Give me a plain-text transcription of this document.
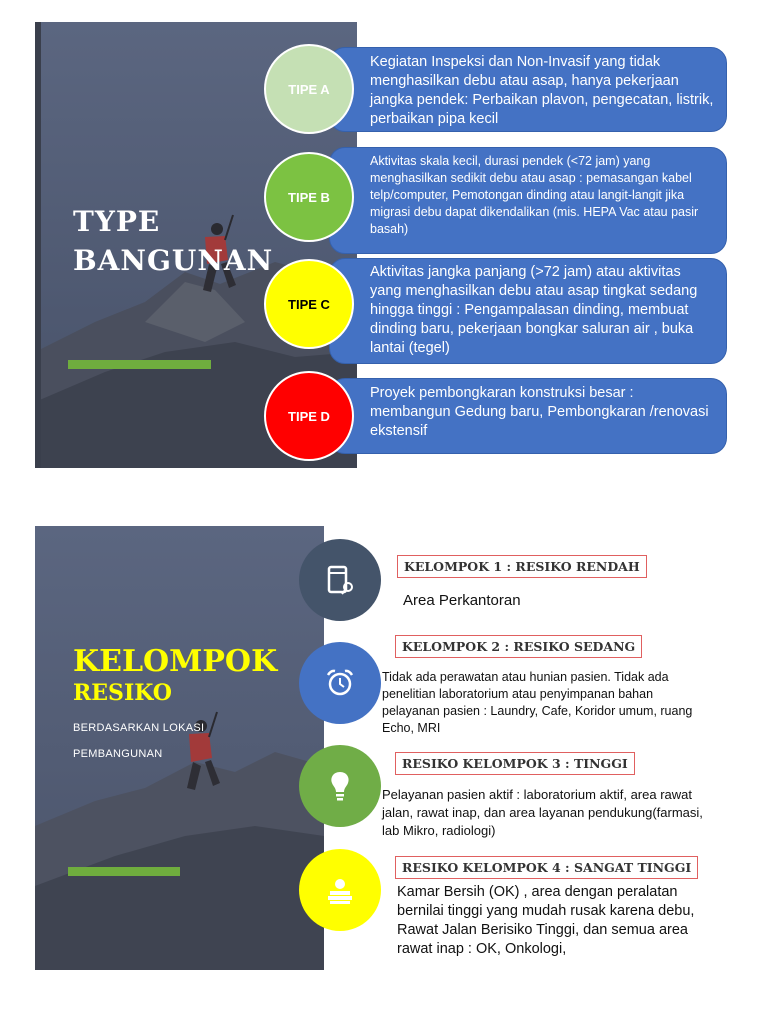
TYPE
BANGUNAN
Kegiatan Inspeksi dan Non-Invasif yang tidak menghasilkan debu atau asap, hanya pekerjaan jangka pendek: Perbaikan plavon, pengecatan, listrik, perbaikan pipa kecil
Aktivitas skala kecil, durasi pendek (<72 jam) yang menghasilkan sedikit debu atau asap : pemasangan kabel telp/computer, Pemotongan dinding atau langit-langit jika migrasi debu dapat dikendalikan (mis. HEPA Vac atau pasir basah)
Aktivitas jangka panjang (>72 jam) atau aktivitas yang menghasilkan debu atau asap tingkat sedang hingga tinggi : Pengampalasan dinding, membuat dinding baru, pekerjaan bongkar saluran air , buka lantai (tegel)
Proyek pembongkaran konstruksi besar : membangun Gedung baru, Pembongkaran /renovasi ekstensif
TIPE A
TIPE B
TIPE C
TIPE D
KELOMPOK
RESIKO
BERDASARKAN LOKASI
PEMBANGUNAN
KELOMPOK 1 : RESIKO RENDAH
Area Perkantoran
KELOMPOK 2 : RESIKO SEDANG
Tidak ada perawatan atau hunian pasien. Tidak ada penelitian laboratorium atau penyimpanan bahan pelayanan pasien : Laundry, Cafe, Koridor umum, ruang Echo, MRI
RESIKO KELOMPOK 3 : TINGGI
Pelayanan pasien aktif : laboratorium aktif, area rawat jalan, rawat inap, dan area layanan pendukung(farmasi, lab Mikro, radiologi)
RESIKO KELOMPOK 4 : SANGAT TINGGI
Kamar Bersih (OK) , area dengan peralatan bernilai tinggi yang mudah rusak karena debu, Rawat Jalan Berisiko Tinggi, dan semua area rawat inap : OK, Onkologi,
